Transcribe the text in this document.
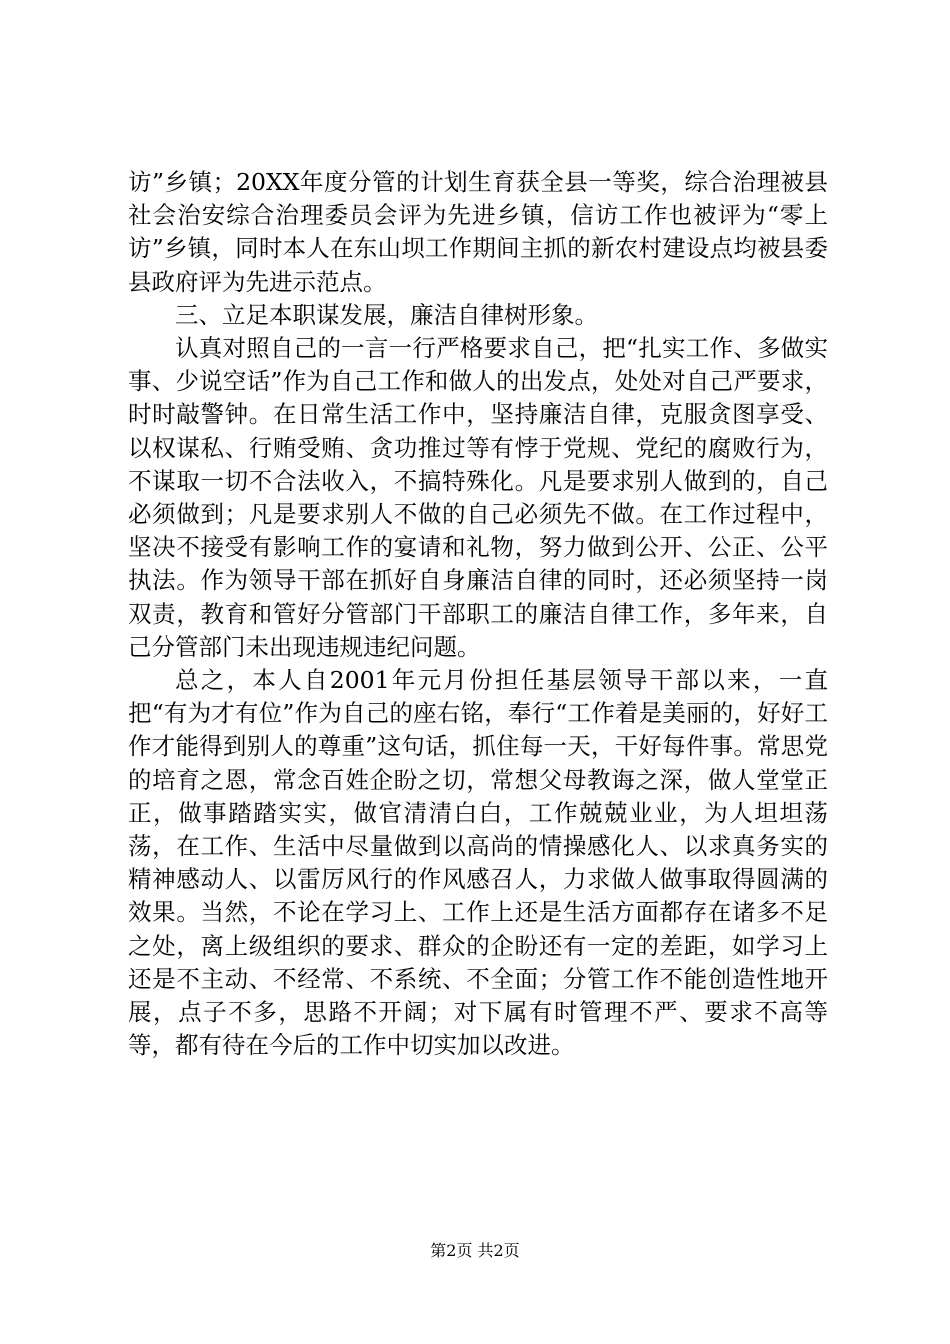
访”乡镇；20XX年度分管的计划生育获全县一等奖，综合治理被县社会治安综合治理委员会评为先进乡镇，信访工作也被评为“零上访”乡镇，同时本人在东山坝工作期间主抓的新农村建设点均被县委县政府评为先进示范点。

三、立足本职谋发展，廉洁自律树形象。

认真对照自己的一言一行严格要求自己，把“扎实工作、多做实事、少说空话”作为自己工作和做人的出发点，处处对自己严要求，时时敲警钟。在日常生活工作中，坚持廉洁自律，克服贪图享受、以权谋私、行贿受贿、贪功推过等有悖于党规、党纪的腐败行为，不谋取一切不合法收入，不搞特殊化。凡是要求别人做到的，自己必须做到；凡是要求别人不做的自己必须先不做。在工作过程中，坚决不接受有影响工作的宴请和礼物，努力做到公开、公正、公平执法。作为领导干部在抓好自身廉洁自律的同时，还必须坚持一岗双责，教育和管好分管部门干部职工的廉洁自律工作，多年来，自己分管部门未出现违规违纪问题。

总之，本人自2001年元月份担任基层领导干部以来，一直把“有为才有位”作为自己的座右铭，奉行“工作着是美丽的，好好工作才能得到别人的尊重”这句话，抓住每一天，干好每件事。常思党的培育之恩，常念百姓企盼之切，常想父母教诲之深，做人堂堂正正，做事踏踏实实，做官清清白白，工作兢兢业业，为人坦坦荡荡，在工作、生活中尽量做到以高尚的情操感化人、以求真务实的精神感动人、以雷厉风行的作风感召人，力求做人做事取得圆满的效果。当然，不论在学习上、工作上还是生活方面都存在诸多不足之处，离上级组织的要求、群众的企盼还有一定的差距，如学习上还是不主动、不经常、不系统、不全面；分管工作不能创造性地开展，点子不多，思路不开阔；对下属有时管理不严、要求不高等等，都有待在今后的工作中切实加以改进。

第2页 共2页
